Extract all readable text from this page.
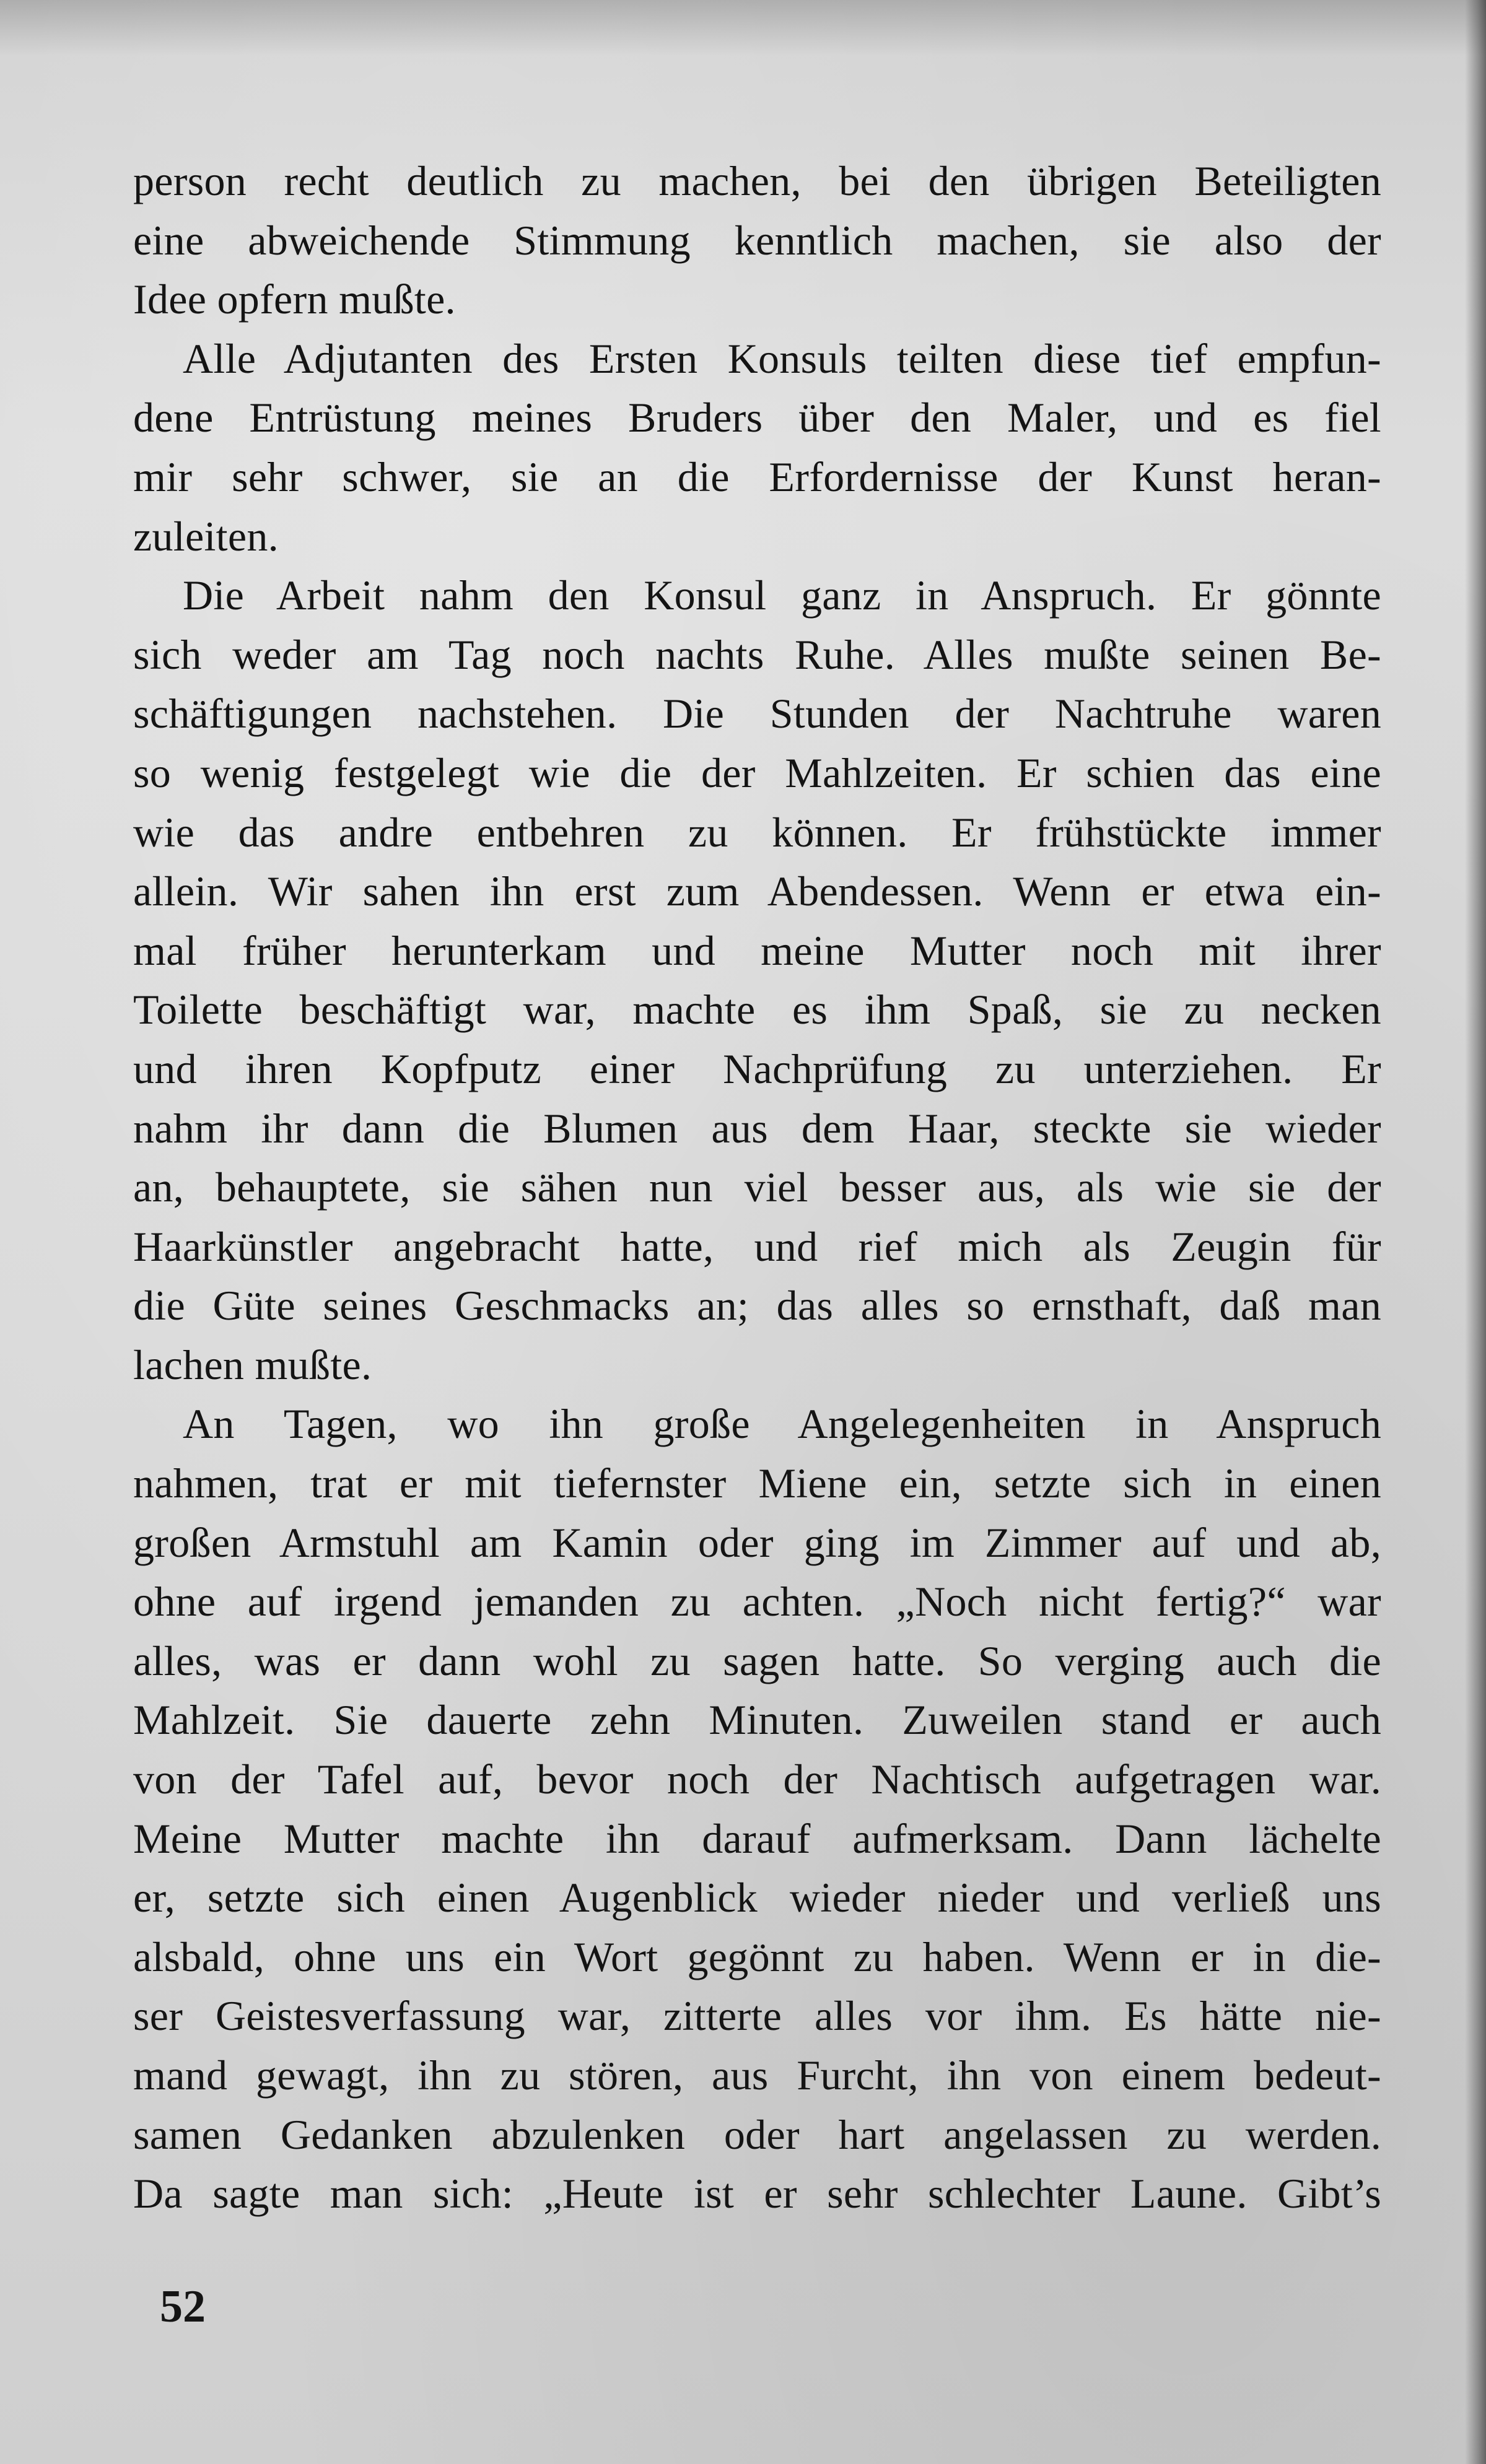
person recht deutlich zu machen, bei den übrigen Beteiligten
eine abweichende Stimmung kenntlich machen, sie also der
Idee opfern mußte.
Alle Adjutanten des Ersten Konsuls teilten diese tief empfun-
dene Entrüstung meines Bruders über den Maler, und es fiel
mir sehr schwer, sie an die Erfordernisse der Kunst heran-
zuleiten.
Die Arbeit nahm den Konsul ganz in Anspruch. Er gönnte
sich weder am Tag noch nachts Ruhe. Alles mußte seinen Be-
schäftigungen nachstehen. Die Stunden der Nachtruhe waren
so wenig festgelegt wie die der Mahlzeiten. Er schien das eine
wie das andre entbehren zu können. Er frühstückte immer
allein. Wir sahen ihn erst zum Abendessen. Wenn er etwa ein-
mal früher herunterkam und meine Mutter noch mit ihrer
Toilette beschäftigt war, machte es ihm Spaß, sie zu necken
und ihren Kopfputz einer Nachprüfung zu unterziehen. Er
nahm ihr dann die Blumen aus dem Haar, steckte sie wieder
an, behauptete, sie sähen nun viel besser aus, als wie sie der
Haarkünstler angebracht hatte, und rief mich als Zeugin für
die Güte seines Geschmacks an; das alles so ernsthaft, daß man
lachen mußte.
An Tagen, wo ihn große Angelegenheiten in Anspruch
nahmen, trat er mit tiefernster Miene ein, setzte sich in einen
großen Armstuhl am Kamin oder ging im Zimmer auf und ab,
ohne auf irgend jemanden zu achten. „Noch nicht fertig?“ war
alles, was er dann wohl zu sagen hatte. So verging auch die
Mahlzeit. Sie dauerte zehn Minuten. Zuweilen stand er auch
von der Tafel auf, bevor noch der Nachtisch aufgetragen war.
Meine Mutter machte ihn darauf aufmerksam. Dann lächelte
er, setzte sich einen Augenblick wieder nieder und verließ uns
alsbald, ohne uns ein Wort gegönnt zu haben. Wenn er in die-
ser Geistesverfassung war, zitterte alles vor ihm. Es hätte nie-
mand gewagt, ihn zu stören, aus Furcht, ihn von einem bedeut-
samen Gedanken abzulenken oder hart angelassen zu werden.
Da sagte man sich: „Heute ist er sehr schlechter Laune. Gibt’s
52
